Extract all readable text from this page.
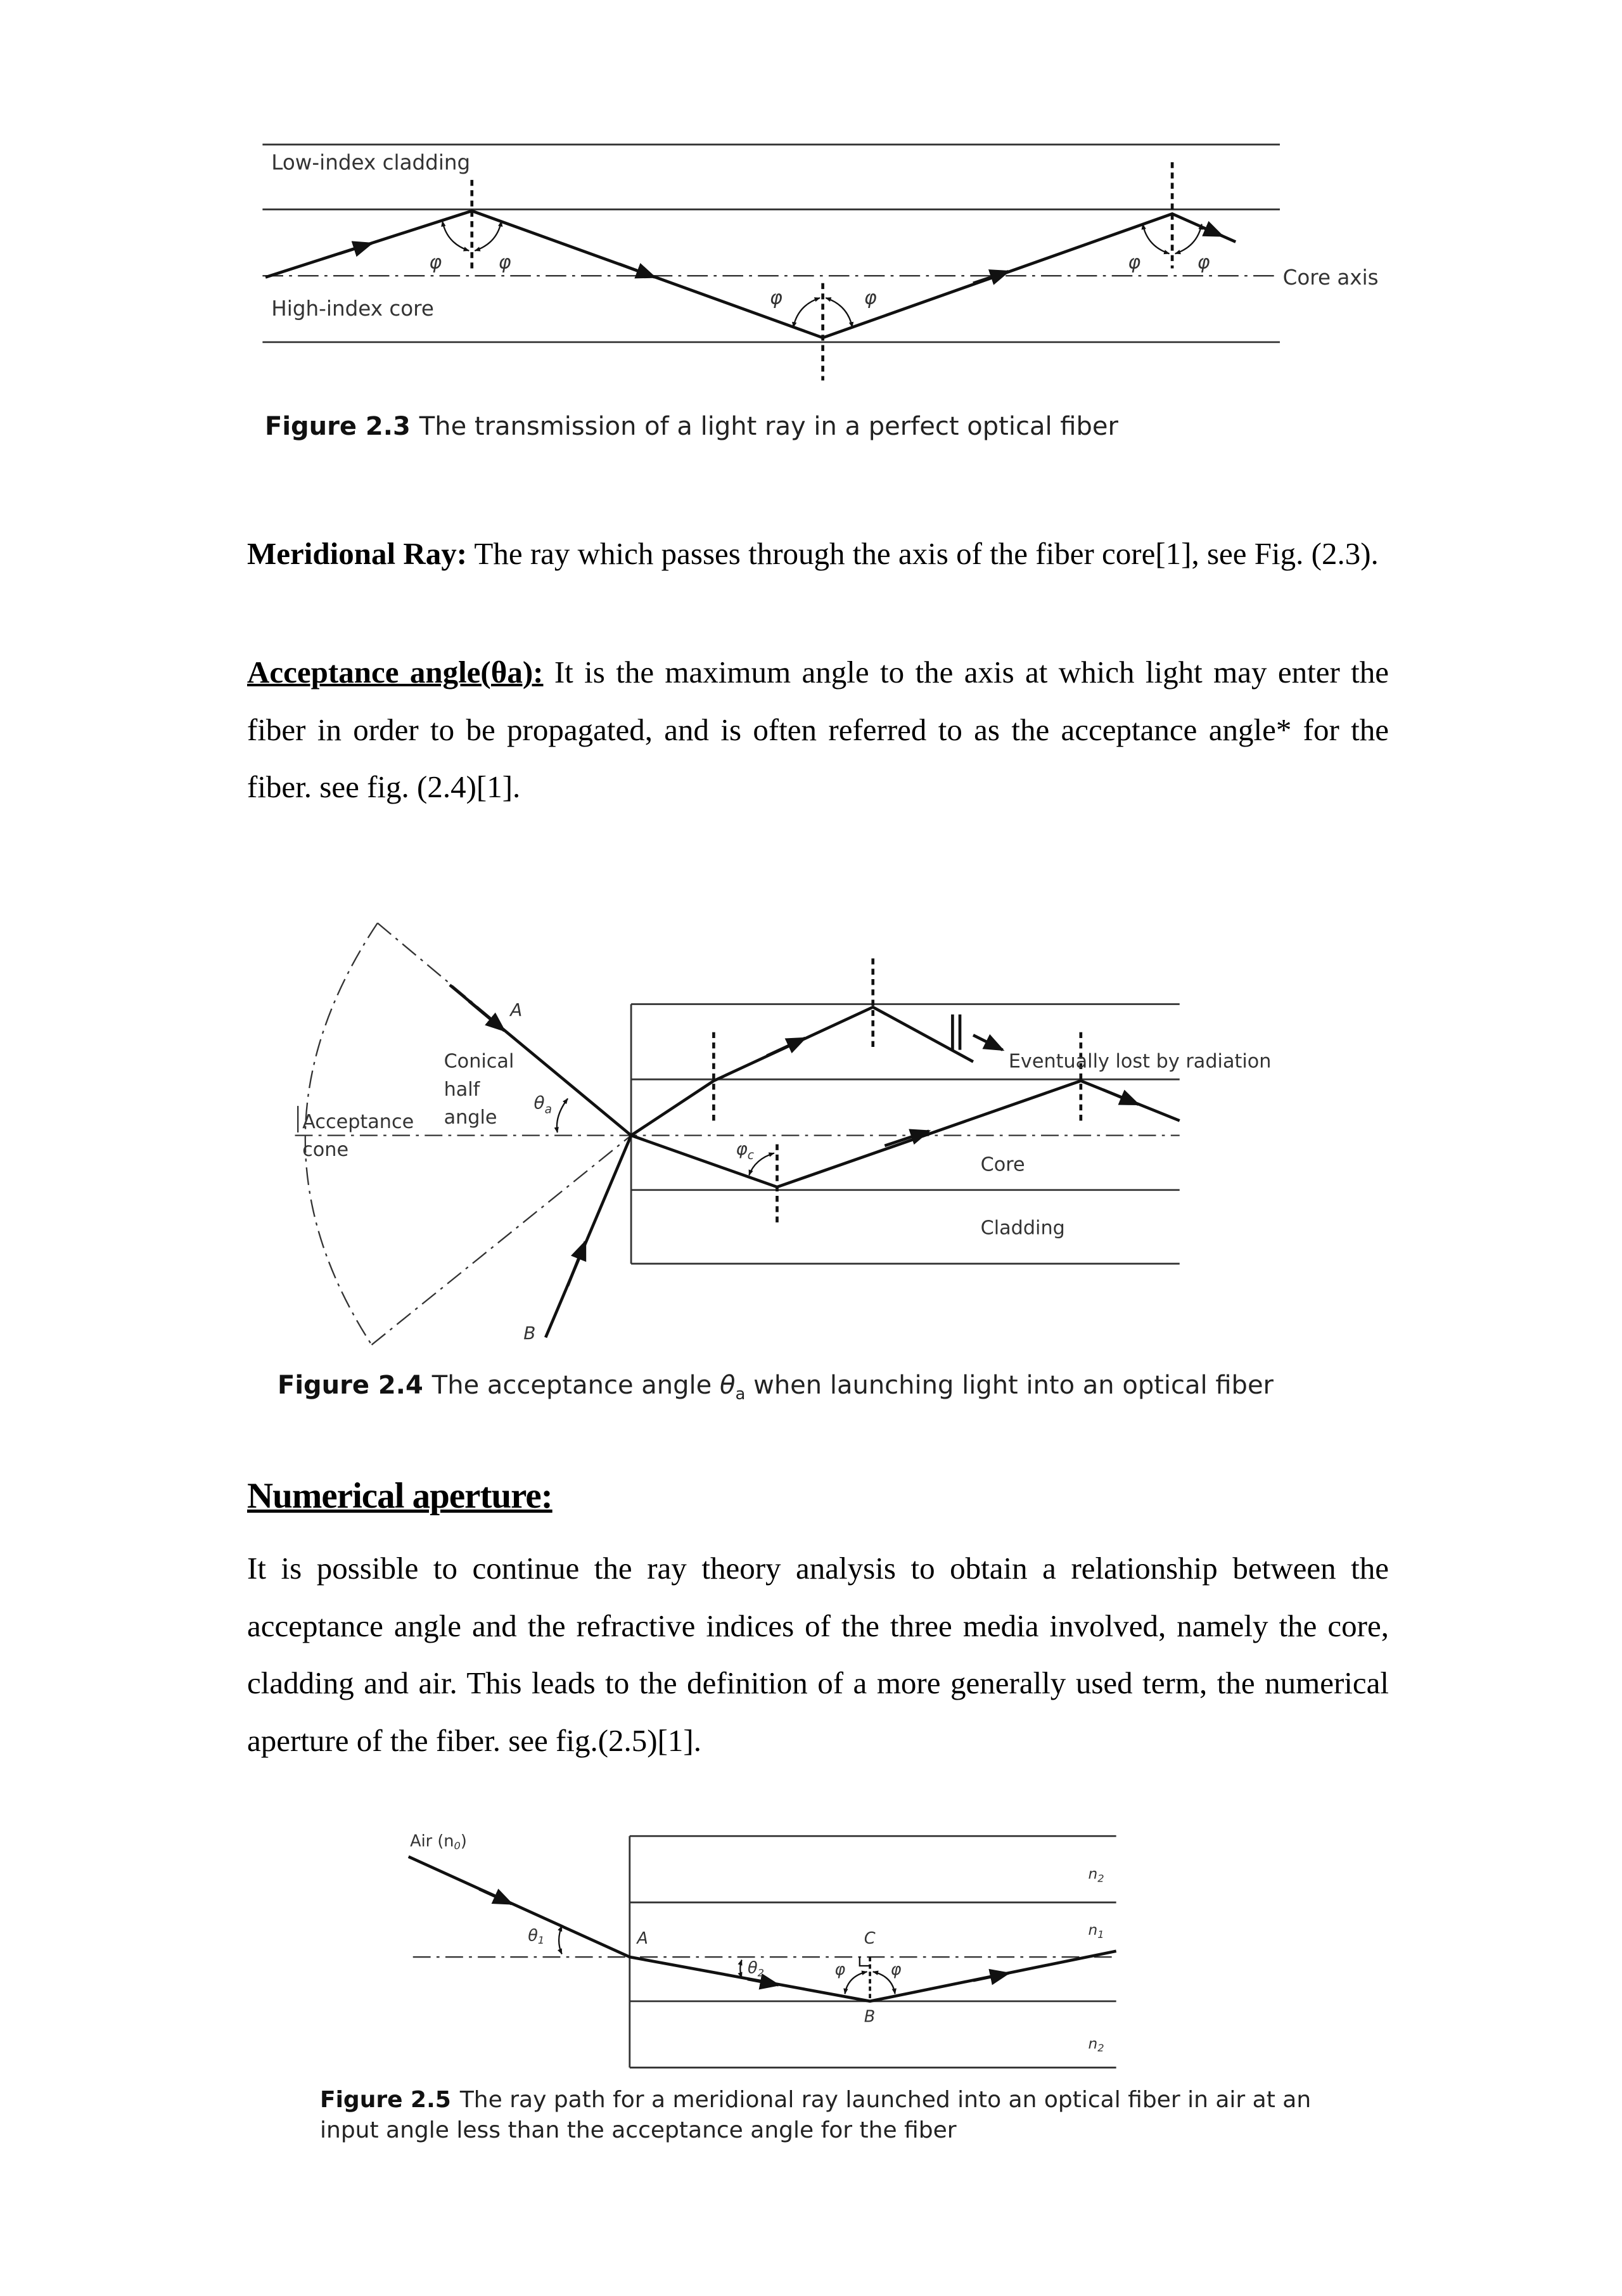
Low-index cladding
High-index core
Core axis
φ	φ
φ	φ
φ	φ
Figure 2.3 The transmission of a light ray in a perfect optical fiber
Meridional Ray: The ray which passes through the axis of the fiber core[1], see Fig. (2.3).
Acceptance angle(θa): It is the maximum angle to the axis at which light may enter the fiber in order to be propagated, and is often referred to as the acceptance angle* for the fiber. see fig. (2.4)[1].
A
B
Conical
half
angle
$\theta_a$
Acceptance
cone
Eventually lost by radiation
Core
Cladding
$\varphi_c$
Figure 2.4 The acceptance angle $\theta_a$ when launching light into an optical fiber
Numerical aperture:
It is possible to continue the ray theory analysis to obtain a relationship between the acceptance angle and the refractive indices of the three media involved, namely the core, cladding and air. This leads to the definition of a more generally used term, the numerical aperture of the fiber. see fig.(2.5)[1].
Air (n0)
$n_2$
$n_1$
$n_2$
θ1
θ2
A
B
C
φ	φ
Figure 2.5 The ray path for a meridional ray launched into an optical fiber in air at an
input angle less than the acceptance angle for the fiber
